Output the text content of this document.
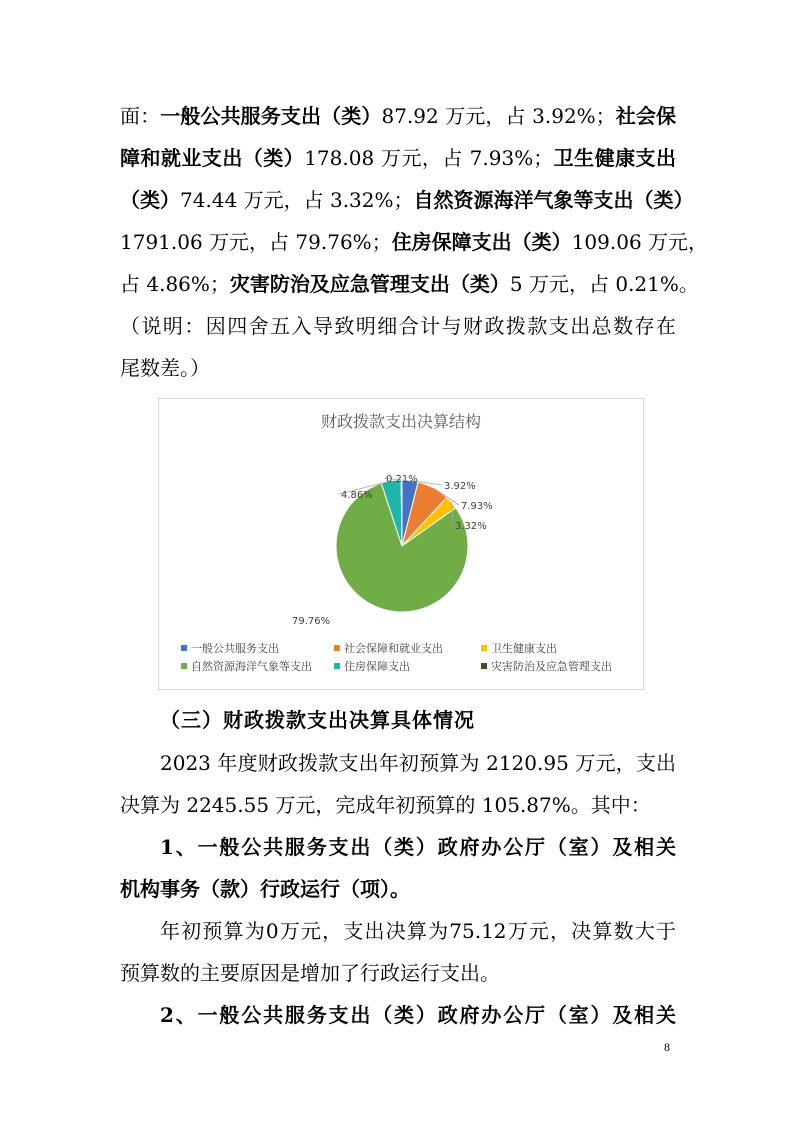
面：一般公共服务支出（类）87.92 万元，占 3.92%；社会保
障和就业支出（类）178.08 万元，占 7.93%；卫生健康支出
（类）74.44 万元，占 3.32%；自然资源海洋气象等支出（类）
1791.06 万元，占 79.76%；住房保障支出（类）109.06 万元，
占 4.86%；灾害防治及应急管理支出（类）5 万元，占 0.21%。
（说明：因四舍五入导致明细合计与财政拨款支出总数存在
尾数差。）
财政拨款支出决算结构
3.92%
7.93%
3.32%
79.76%
4.86%
0.21%
一般公共服务支出	社会保障和就业支出	卫生健康支出
自然资源海洋气象等支出	住房保障支出	灾害防治及应急管理支出
（三）财政拨款支出决算具体情况
2023 年度财政拨款支出年初预算为 2120.95 万元，支出
决算为 2245.55 万元，完成年初预算的 105.87%。其中：
1、一般公共服务支出（类）政府办公厅（室）及相关
机构事务（款）行政运行（项）。
年初预算为0万元，支出决算为75.12万元，决算数大于
预算数的主要原因是增加了行政运行支出。
2、一般公共服务支出（类）政府办公厅（室）及相关
8
